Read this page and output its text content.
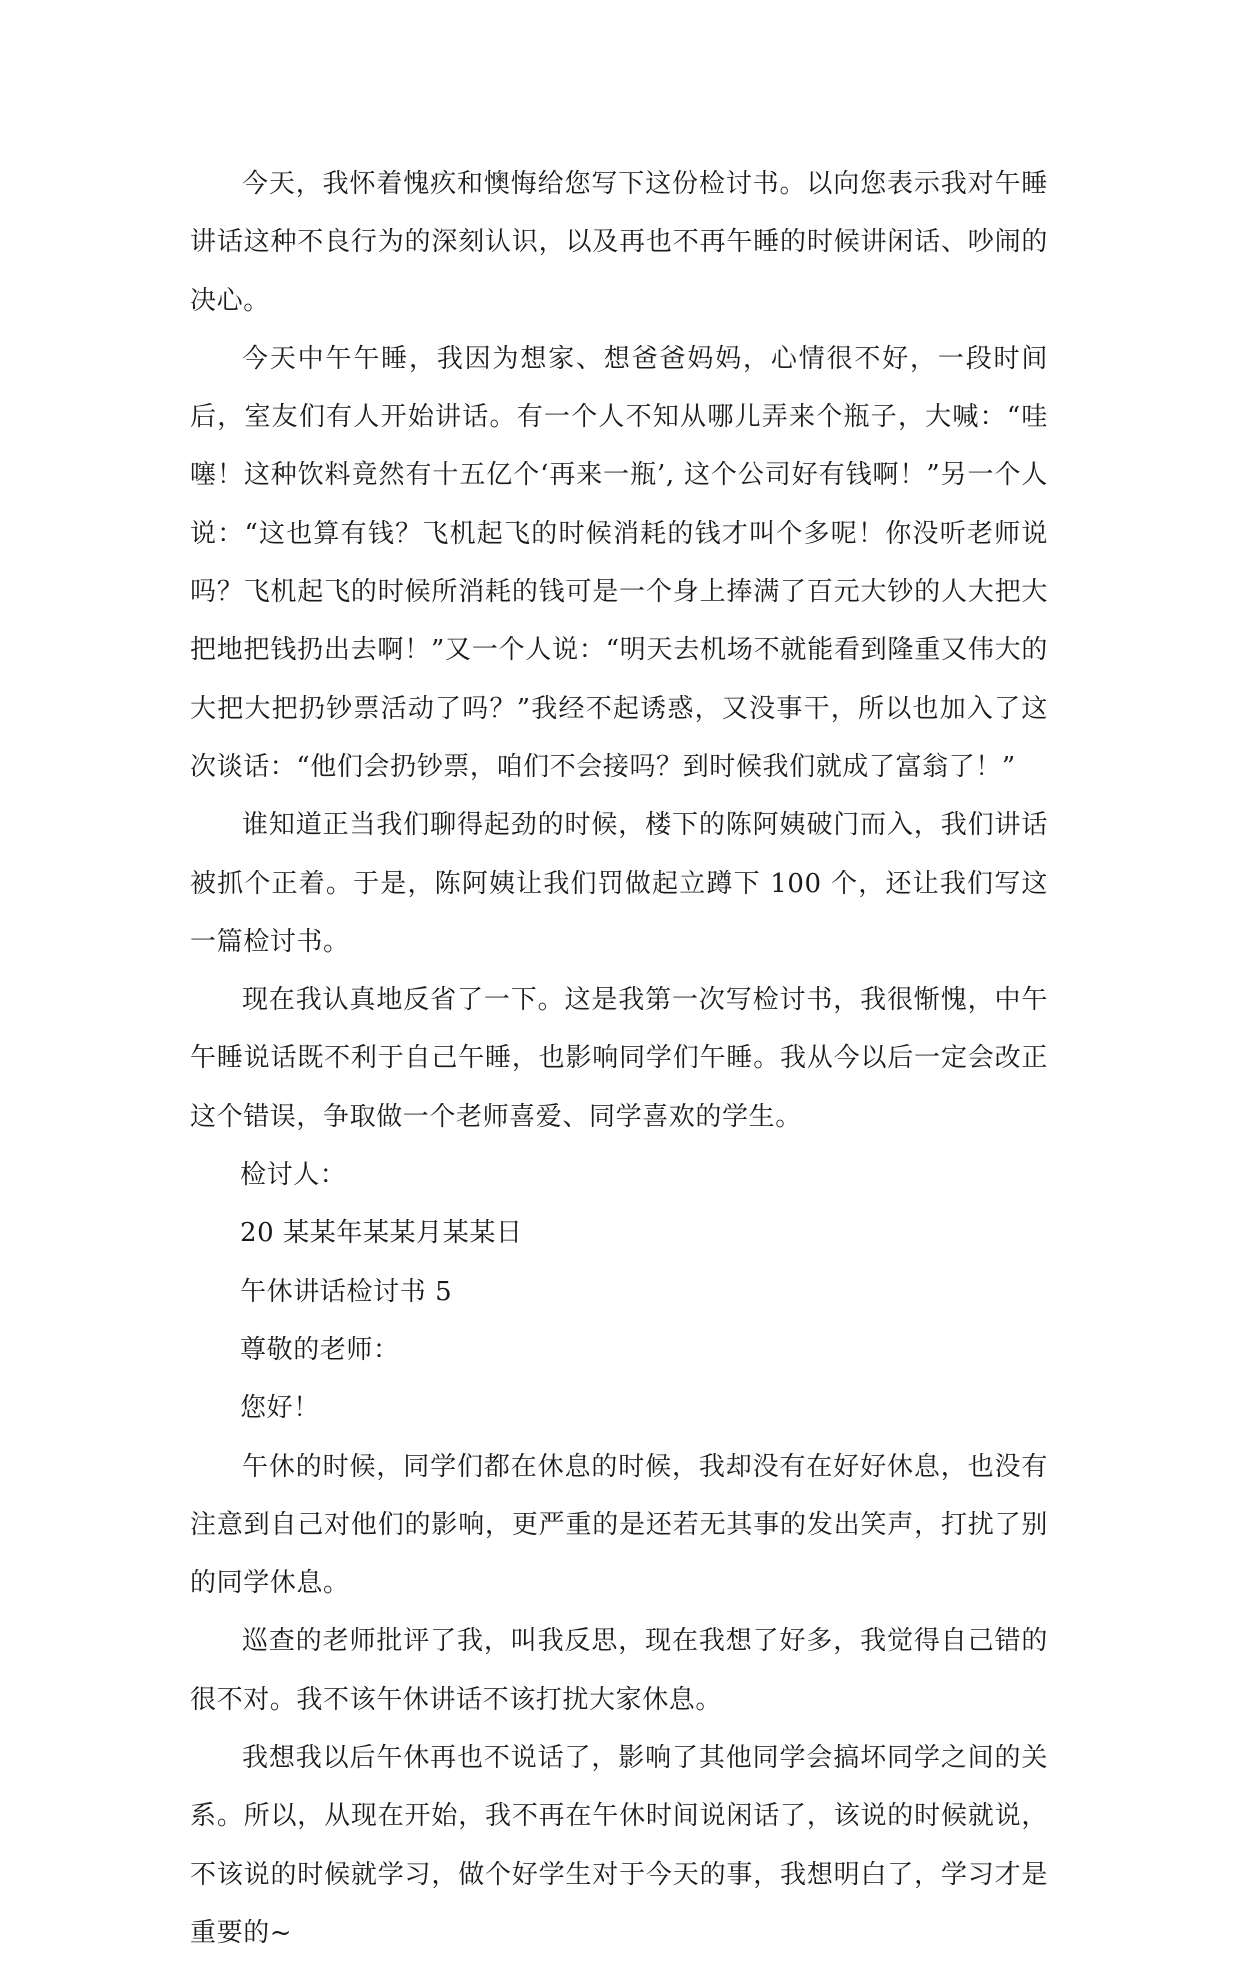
今天，我怀着愧疚和懊悔给您写下这份检讨书。以向您表示我对午睡讲话这种不良行为的深刻认识，以及再也不再午睡的时候讲闲话、吵闹的决心。

今天中午午睡，我因为想家、想爸爸妈妈，心情很不好，一段时间后，室友们有人开始讲话。有一个人不知从哪儿弄来个瓶子，大喊：“哇噻！这种饮料竟然有十五亿个‘再来一瓶’, 这个公司好有钱啊！”另一个人说：“这也算有钱？飞机起飞的时候消耗的钱才叫个多呢！你没听老师说吗？飞机起飞的时候所消耗的钱可是一个身上捧满了百元大钞的人大把大把地把钱扔出去啊！”又一个人说：“明天去机场不就能看到隆重又伟大的大把大把扔钞票活动了吗？”我经不起诱惑，又没事干，所以也加入了这次谈话：“他们会扔钞票，咱们不会接吗？到时候我们就成了富翁了！”

谁知道正当我们聊得起劲的时候，楼下的陈阿姨破门而入，我们讲话被抓个正着。于是，陈阿姨让我们罚做起立蹲下 100 个，还让我们写这一篇检讨书。

现在我认真地反省了一下。这是我第一次写检讨书，我很惭愧，中午午睡说话既不利于自己午睡，也影响同学们午睡。我从今以后一定会改正这个错误，争取做一个老师喜爱、同学喜欢的学生。

检讨人：

20 某某年某某月某某日

午休讲话检讨书 5

尊敬的老师：

您好！

午休的时候，同学们都在休息的时候，我却没有在好好休息，也没有注意到自己对他们的影响，更严重的是还若无其事的发出笑声，打扰了别的同学休息。

巡查的老师批评了我，叫我反思，现在我想了好多，我觉得自己错的很不对。我不该午休讲话不该打扰大家休息。

我想我以后午休再也不说话了，影响了其他同学会搞坏同学之间的关系。所以，从现在开始，我不再在午休时间说闲话了，该说的时候就说，不该说的时候就学习，做个好学生对于今天的事，我想明白了，学习才是重要的~
